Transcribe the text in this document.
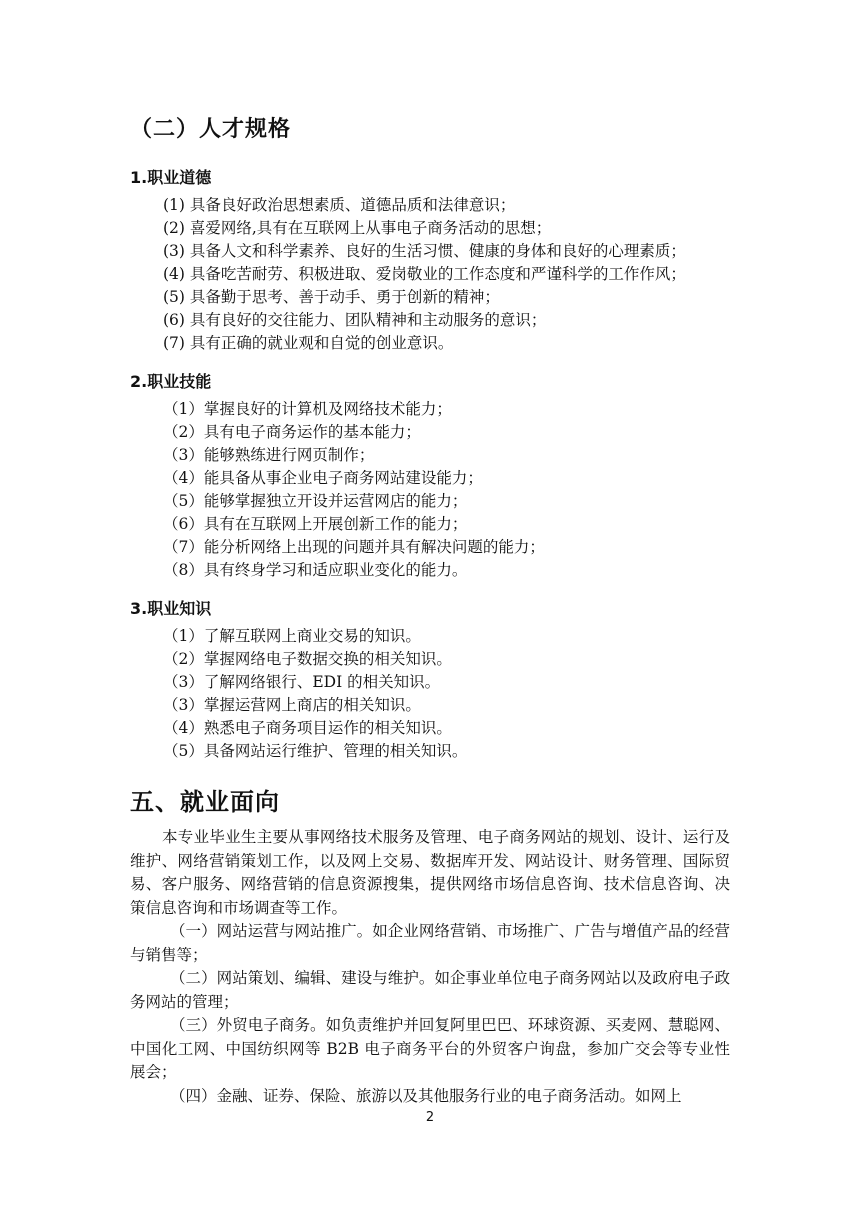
（二）人才规格
1.职业道德
(1) 具备良好政治思想素质、道德品质和法律意识；
(2) 喜爱网络,具有在互联网上从事电子商务活动的思想；
(3) 具备人文和科学素养、良好的生活习惯、健康的身体和良好的心理素质；
(4) 具备吃苦耐劳、积极进取、爱岗敬业的工作态度和严谨科学的工作作风；
(5) 具备勤于思考、善于动手、勇于创新的精神；
(6) 具有良好的交往能力、团队精神和主动服务的意识；
(7) 具有正确的就业观和自觉的创业意识。
2.职业技能
（1）掌握良好的计算机及网络技术能力；
（2）具有电子商务运作的基本能力；
（3）能够熟练进行网页制作；
（4）能具备从事企业电子商务网站建设能力；
（5）能够掌握独立开设并运营网店的能力；
（6）具有在互联网上开展创新工作的能力；
（7）能分析网络上出现的问题并具有解决问题的能力；
（8）具有终身学习和适应职业变化的能力。
3.职业知识
（1）了解互联网上商业交易的知识。
（2）掌握网络电子数据交换的相关知识。
（3）了解网络银行、EDI 的相关知识。
（3）掌握运营网上商店的相关知识。
（4）熟悉电子商务项目运作的相关知识。
（5）具备网站运行维护、管理的相关知识。
五、就业面向
本专业毕业生主要从事网络技术服务及管理、电子商务网站的规划、设计、运行及维护、网络营销策划工作，以及网上交易、数据库开发、网站设计、财务管理、国际贸易、客户服务、网络营销的信息资源搜集，提供网络市场信息咨询、技术信息咨询、决策信息咨询和市场调查等工作。
（一）网站运营与网站推广。如企业网络营销、市场推广、广告与增值产品的经营与销售等；
（二）网站策划、编辑、建设与维护。如企事业单位电子商务网站以及政府电子政务网站的管理；
（三）外贸电子商务。如负责维护并回复阿里巴巴、环球资源、买麦网、慧聪网、中国化工网、中国纺织网等 B2B 电子商务平台的外贸客户询盘，参加广交会等专业性展会；
（四）金融、证券、保险、旅游以及其他服务行业的电子商务活动。如网上
2
